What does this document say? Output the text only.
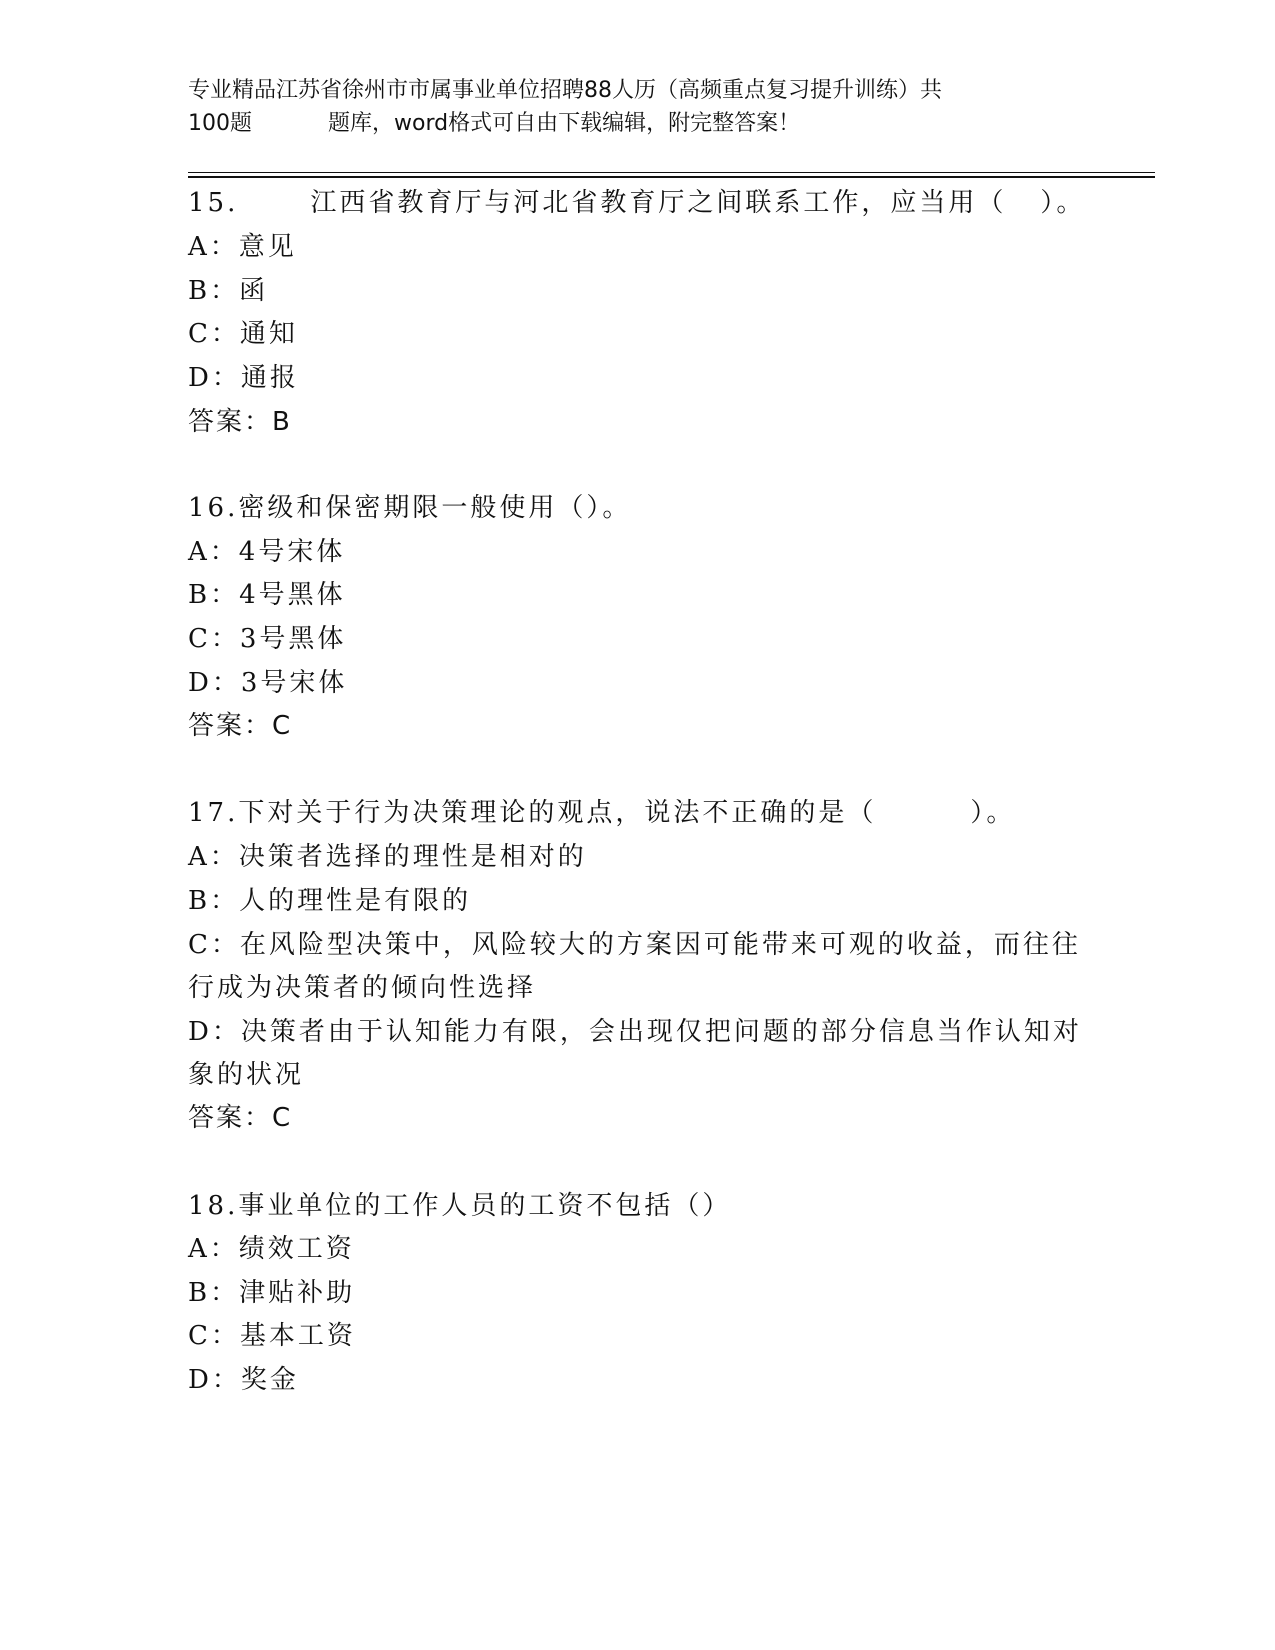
专业精品江苏省徐州市市属事业单位招聘88人历（高频重点复习提升训练）共
100题	题库，word格式可自由下载编辑，附完整答案！
15.	江西省教育厅与河北省教育厅之间联系工作，应当用（ ）。
A：意见
B：函
C：通知
D：通报
答案：B
16.密级和保密期限一般使用（）。
A：4号宋体
B：4号黑体
C：3号黑体
D：3号宋体
答案：C
17.下对关于行为决策理论的观点，说法不正确的是（	）。
A：决策者选择的理性是相对的
B：人的理性是有限的
C：在风险型决策中，风险较大的方案因可能带来可观的收益，而往往
行成为决策者的倾向性选择
D：决策者由于认知能力有限，会出现仅把问题的部分信息当作认知对
象的状况
答案：C
18.事业单位的工作人员的工资不包括（）
A：绩效工资
B：津贴补助
C：基本工资
D：奖金
